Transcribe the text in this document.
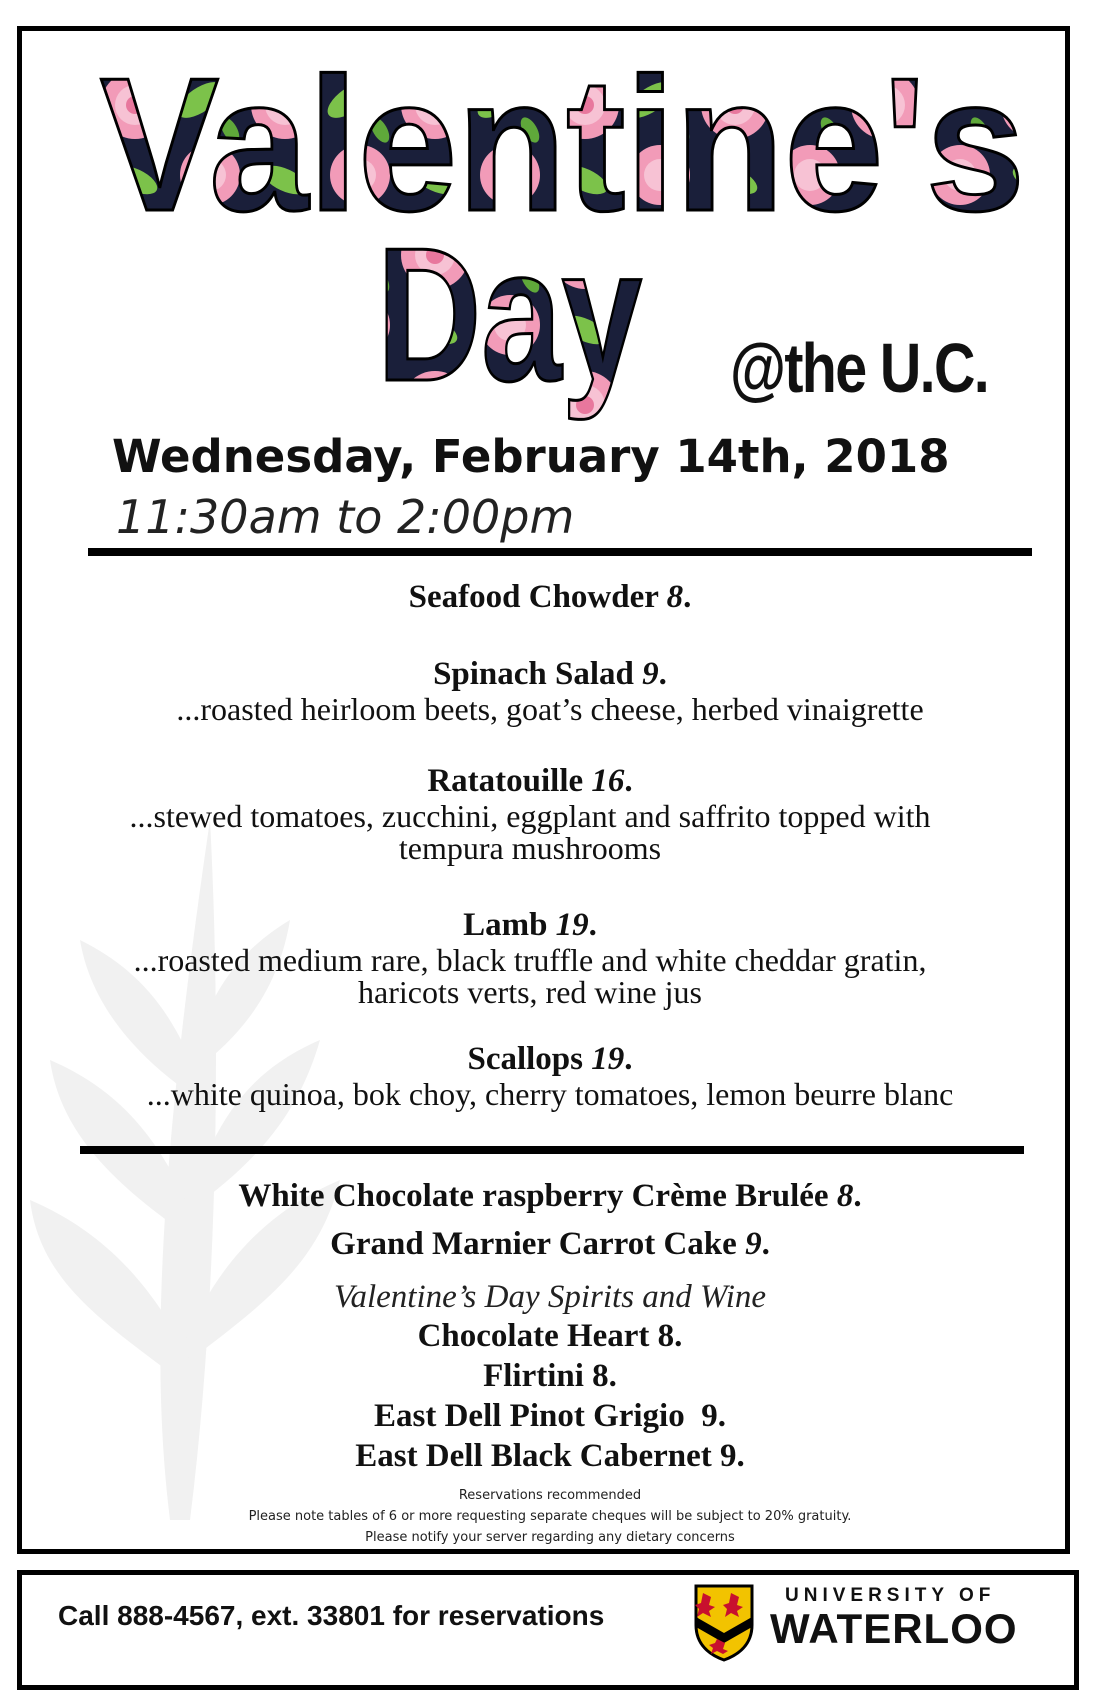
Valentine's
Day @the U.C.
Wednesday, February 14th, 2018
11:30am to 2:00pm
Seafood Chowder 8.
Spinach Salad 9.
...roasted heirloom beets, goat’s cheese, herbed vinaigrette
Ratatouille 16.
...stewed tomatoes, zucchini, eggplant and saffrito topped with tempura mushrooms
Lamb 19.
...roasted medium rare, black truffle and white cheddar gratin, haricots verts, red wine jus
Scallops 19.
...white quinoa, bok choy, cherry tomatoes, lemon beurre blanc
White Chocolate raspberry Crème Brulée 8.
Grand Marnier Carrot Cake 9.
Valentine’s Day Spirits and Wine
Chocolate Heart 8.
Flirtini 8.
East Dell Pinot Grigio 9.
East Dell Black Cabernet 9.
Reservations recommended
Please note tables of 6 or more requesting separate cheques will be subject to 20% gratuity.
Please notify your server regarding any dietary concerns
Call 888-4567, ext. 33801 for reservations
UNIVERSITY OF
WATERLOO
